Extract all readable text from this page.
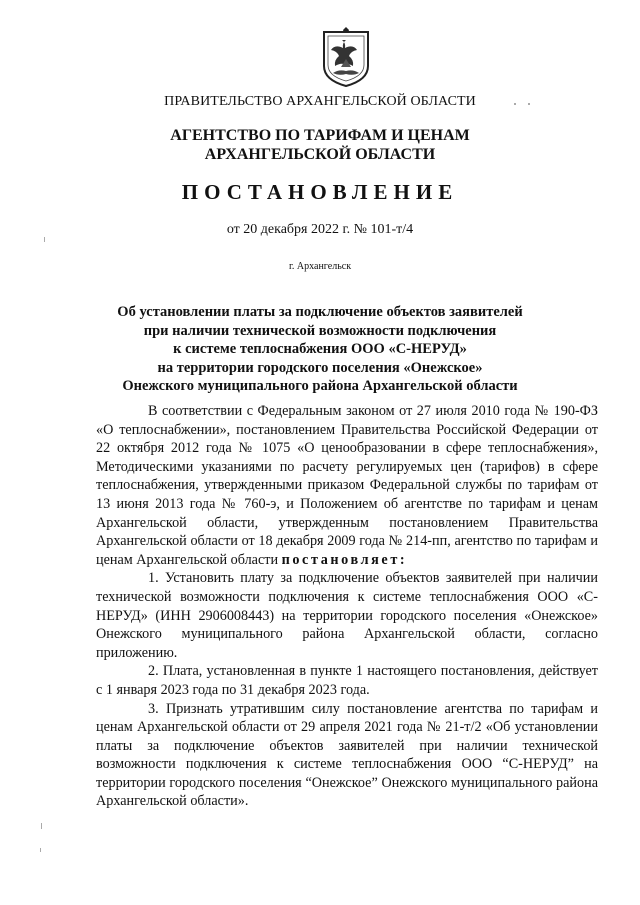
ПРАВИТЕЛЬСТВО АРХАНГЕЛЬСКОЙ ОБЛАСТИ
АГЕНТСТВО ПО ТАРИФАМ И ЦЕНАМ
АРХАНГЕЛЬСКОЙ ОБЛАСТИ
ПОСТАНОВЛЕНИЕ
от 20 декабря 2022 г. № 101-т/4
г. Архангельск
Об установлении платы за подключение объектов заявителей
при наличии технической возможности подключения
к системе теплоснабжения ООО «С-НЕРУД»
на территории городского поселения «Онежское»
Онежского муниципального района Архангельской области

В соответствии с Федеральным законом от 27 июля 2010 года № 190-ФЗ «О теплоснабжении», постановлением Правительства Российской Федерации от 22 октября 2012 года № 1075 «О ценообразовании в сфере теплоснабжения», Методическими указаниями по расчету регулируемых цен (тарифов) в сфере теплоснабжения, утвержденными приказом Федеральной службы по тарифам от 13 июня 2013 года № 760-э, и Положением об агентстве по тарифам и ценам Архангельской области, утвержденным постановлением Правительства Архангельской области от 18 декабря 2009 года № 214-пп, агентство по тарифам и ценам Архангельской области постановляет:

1. Установить плату за подключение объектов заявителей при наличии технической возможности подключения к системе теплоснабжения ООО «С-НЕРУД» (ИНН 2906008443) на территории городского поселения «Онежское» Онежского муниципального района Архангельской области, согласно приложению.

2. Плата, установленная в пункте 1 настоящего постановления, действует с 1 января 2023 года по 31 декабря 2023 года.

3. Признать утратившим силу постановление агентства по тарифам и ценам Архангельской области от 29 апреля 2021 года № 21-т/2 «Об установлении платы за подключение объектов заявителей при наличии технической возможности подключения к системе теплоснабжения ООО “С-НЕРУД” на территории городского поселения “Онежское” Онежского муниципального района Архангельской области».
